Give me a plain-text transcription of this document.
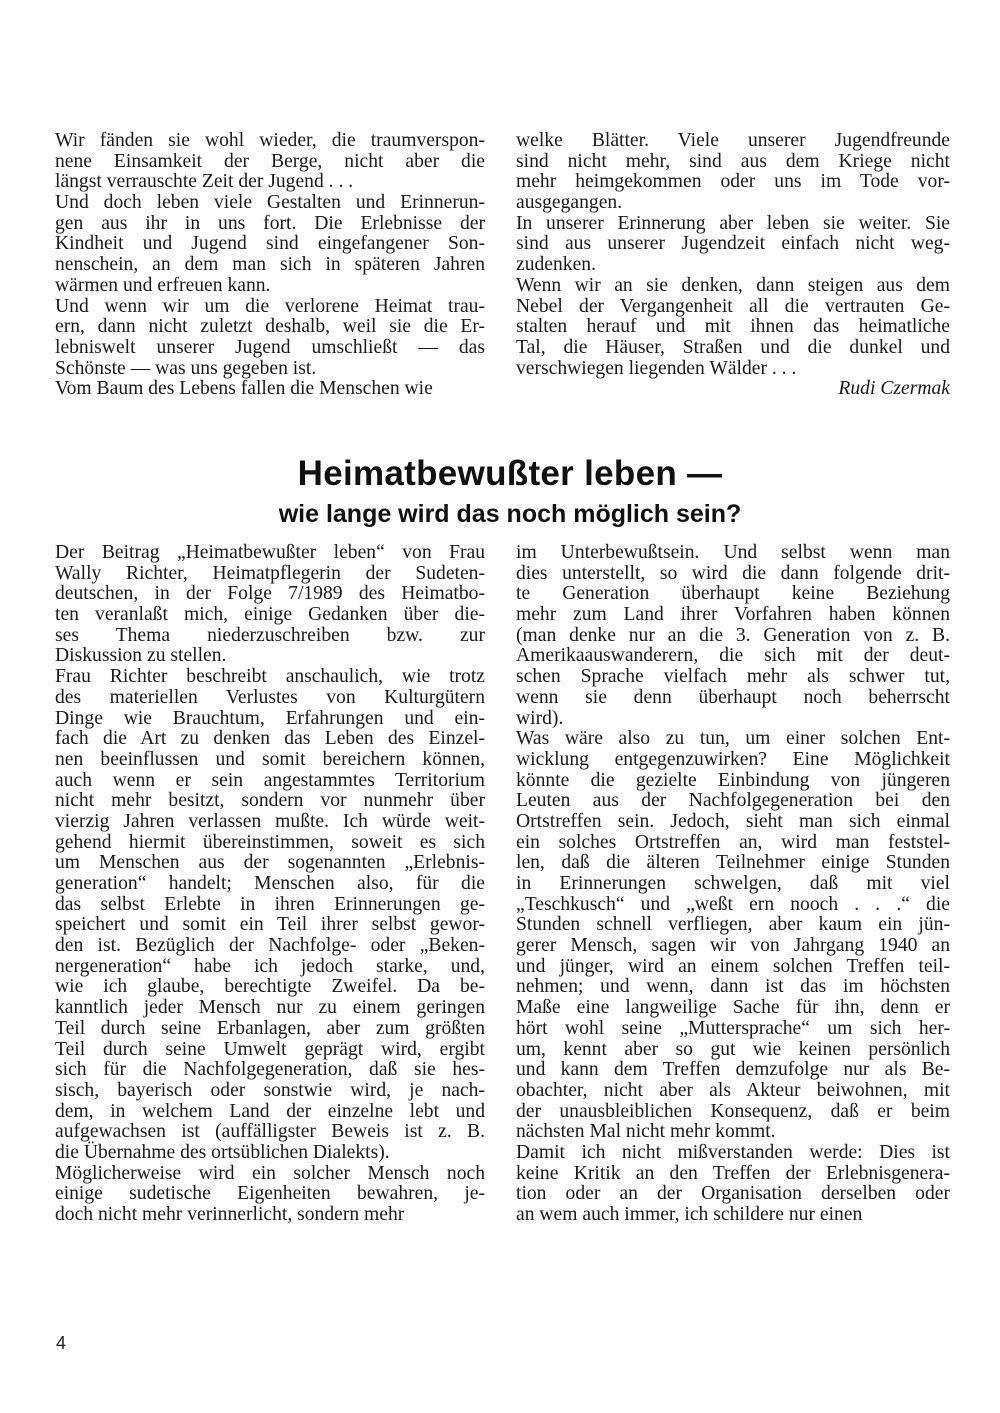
Wir fänden sie wohl wieder, die traumverspon-
nene Einsamkeit der Berge, nicht aber die
längst verrauschte Zeit der Jugend . . .
Und doch leben viele Gestalten und Erinnerun-
gen aus ihr in uns fort. Die Erlebnisse der
Kindheit und Jugend sind eingefangener Son-
nenschein, an dem man sich in späteren Jahren
wärmen und erfreuen kann.
Und wenn wir um die verlorene Heimat trau-
ern, dann nicht zuletzt deshalb, weil sie die Er-
lebniswelt unserer Jugend umschließt — das
Schönste — was uns gegeben ist.
Vom Baum des Lebens fallen die Menschen wie
welke Blätter. Viele unserer Jugendfreunde
sind nicht mehr, sind aus dem Kriege nicht
mehr heimgekommen oder uns im Tode vor-
ausgegangen.
In unserer Erinnerung aber leben sie weiter. Sie
sind aus unserer Jugendzeit einfach nicht weg-
zudenken.
Wenn wir an sie denken, dann steigen aus dem
Nebel der Vergangenheit all die vertrauten Ge-
stalten herauf und mit ihnen das heimatliche
Tal, die Häuser, Straßen und die dunkel und
verschwiegen liegenden Wälder . . .
Rudi Czermak
Heimatbewußter leben —
wie lange wird das noch möglich sein?
Der Beitrag „Heimatbewußter leben“ von Frau
Wally Richter, Heimatpflegerin der Sudeten-
deutschen, in der Folge 7/1989 des Heimatbo-
ten veranlaßt mich, einige Gedanken über die-
ses Thema niederzuschreiben bzw. zur
Diskussion zu stellen.
Frau Richter beschreibt anschaulich, wie trotz
des materiellen Verlustes von Kulturgütern
Dinge wie Brauchtum, Erfahrungen und ein-
fach die Art zu denken das Leben des Einzel-
nen beeinflussen und somit bereichern können,
auch wenn er sein angestammtes Territorium
nicht mehr besitzt, sondern vor nunmehr über
vierzig Jahren verlassen mußte. Ich würde weit-
gehend hiermit übereinstimmen, soweit es sich
um Menschen aus der sogenannten „Erlebnis-
generation“ handelt; Menschen also, für die
das selbst Erlebte in ihren Erinnerungen ge-
speichert und somit ein Teil ihrer selbst gewor-
den ist. Bezüglich der Nachfolge- oder „Beken-
nergeneration“ habe ich jedoch starke, und,
wie ich glaube, berechtigte Zweifel. Da be-
kanntlich jeder Mensch nur zu einem geringen
Teil durch seine Erbanlagen, aber zum größten
Teil durch seine Umwelt geprägt wird, ergibt
sich für die Nachfolgegeneration, daß sie hes-
sisch, bayerisch oder sonstwie wird, je nach-
dem, in welchem Land der einzelne lebt und
aufgewachsen ist (auffälligster Beweis ist z. B.
die Übernahme des ortsüblichen Dialekts).
Möglicherweise wird ein solcher Mensch noch
einige sudetische Eigenheiten bewahren, je-
doch nicht mehr verinnerlicht, sondern mehr
im Unterbewußtsein. Und selbst wenn man
dies unterstellt, so wird die dann folgende drit-
te Generation überhaupt keine Beziehung
mehr zum Land ihrer Vorfahren haben können
(man denke nur an die 3. Generation von z. B.
Amerikaauswanderern, die sich mit der deut-
schen Sprache vielfach mehr als schwer tut,
wenn sie denn überhaupt noch beherrscht
wird).
Was wäre also zu tun, um einer solchen Ent-
wicklung entgegenzuwirken? Eine Möglichkeit
könnte die gezielte Einbindung von jüngeren
Leuten aus der Nachfolgegeneration bei den
Ortstreffen sein. Jedoch, sieht man sich einmal
ein solches Ortstreffen an, wird man feststel-
len, daß die älteren Teilnehmer einige Stunden
in Erinnerungen schwelgen, daß mit viel
„Teschkusch“ und „weßt ern nooch . . .“ die
Stunden schnell verfliegen, aber kaum ein jün-
gerer Mensch, sagen wir von Jahrgang 1940 an
und jünger, wird an einem solchen Treffen teil-
nehmen; und wenn, dann ist das im höchsten
Maße eine langweilige Sache für ihn, denn er
hört wohl seine „Muttersprache“ um sich her-
um, kennt aber so gut wie keinen persönlich
und kann dem Treffen demzufolge nur als Be-
obachter, nicht aber als Akteur beiwohnen, mit
der unausbleiblichen Konsequenz, daß er beim
nächsten Mal nicht mehr kommt.
Damit ich nicht mißverstanden werde: Dies ist
keine Kritik an den Treffen der Erlebnisgenera-
tion oder an der Organisation derselben oder
an wem auch immer, ich schildere nur einen
4
